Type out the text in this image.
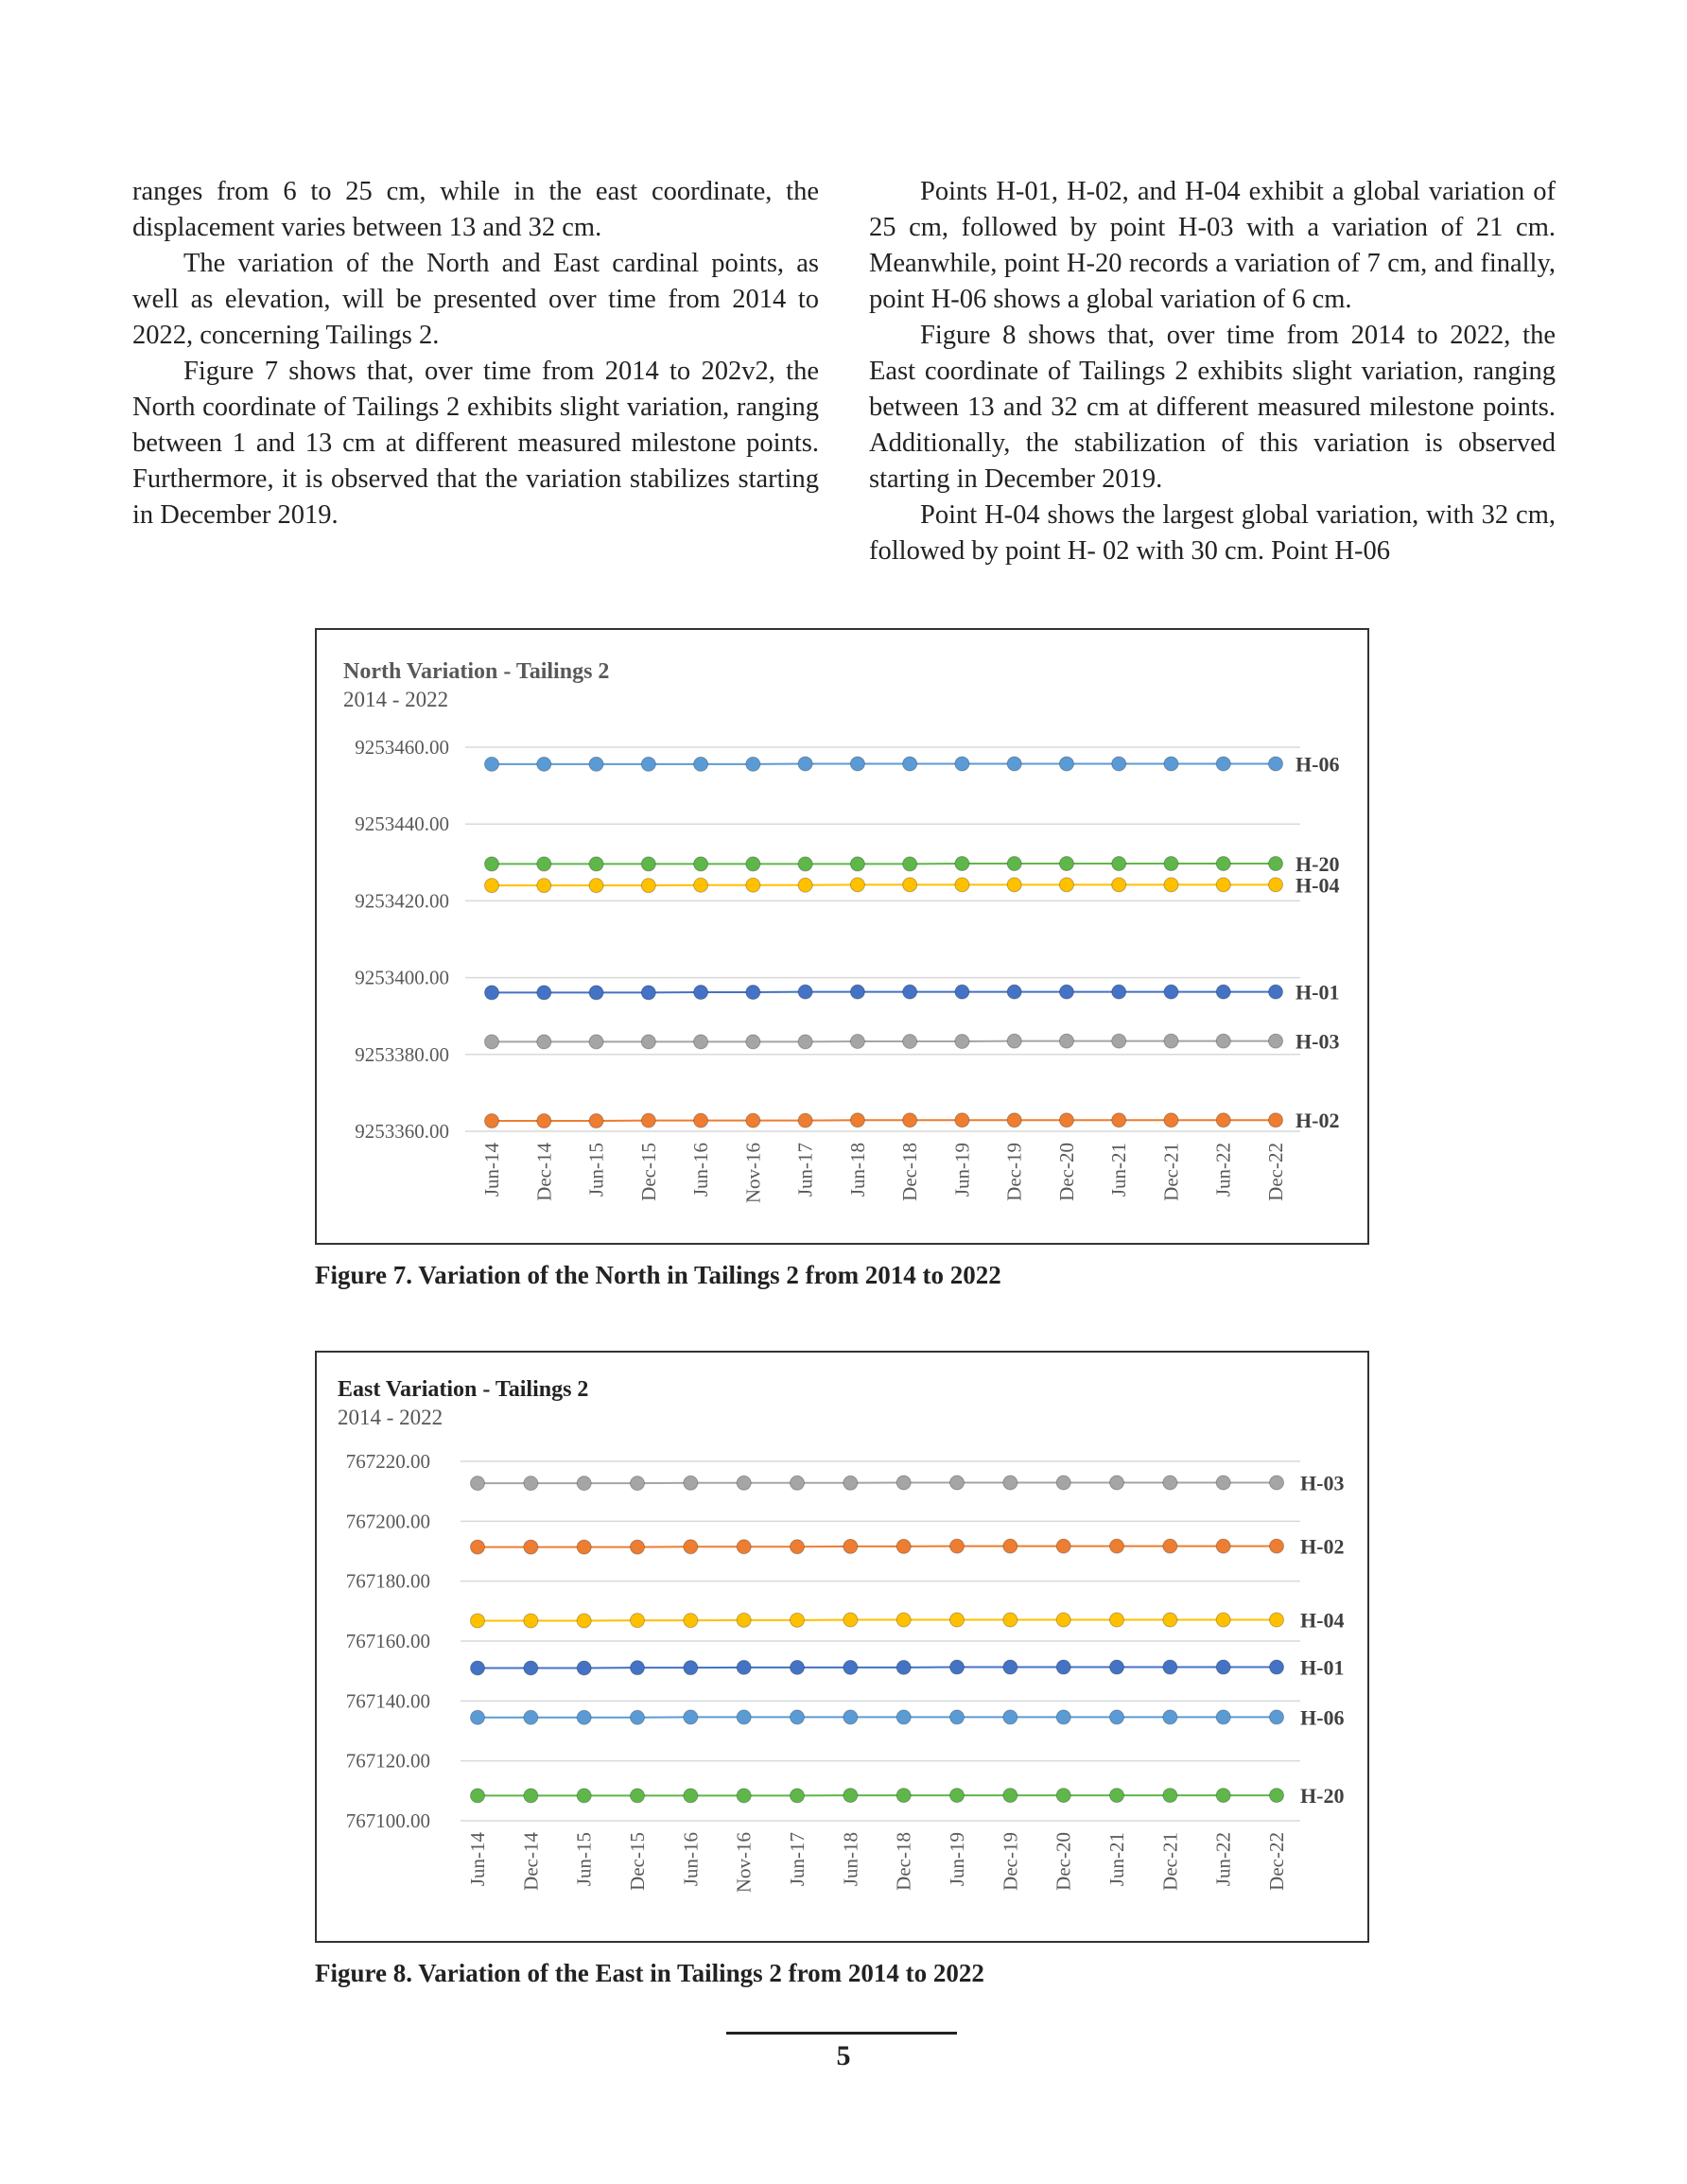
ranges from 6 to 25 cm, while in the east coordinate, the displacement varies between 13 and 32 cm.

The variation of the North and East cardinal points, as well as elevation, will be presented over time from 2014 to 2022, concerning Tailings 2.

Figure 7 shows that, over time from 2014 to 202v2, the North coordinate of Tailings 2 exhibits slight variation, ranging between 1 and 13 cm at different measured milestone points. Furthermore, it is observed that the variation stabilizes starting in December 2019.

Points H-01, H-02, and H-04 exhibit a global variation of 25 cm, followed by point H-03 with a variation of 21 cm. Meanwhile, point H-20 records a variation of 7 cm, and finally, point H-06 shows a global variation of 6 cm.

Figure 8 shows that, over time from 2014 to 2022, the East coordinate of Tailings 2 exhibits slight variation, ranging between 13 and 32 cm at different measured milestone points. Additionally, the stabilization of this variation is observed starting in December 2019.

Point H-04 shows the largest global variation, with 32 cm, followed by point H- 02 with 30 cm. Point H-06

North Variation - Tailings 2
2014 - 2022
9253460.00
9253440.00
9253420.00
9253400.00
9253380.00
9253360.00
Jun-14 Dec-14 Jun-15 Dec-15 Jun-16 Nov-16 Jun-17 Jun-18 Dec-18 Jun-19 Dec-19 Dec-20 Jun-21 Dec-21 Jun-22 Dec-22
H-06
H-20
H-04
H-01
H-03
H-02
Figure 7. Variation of the North in Tailings 2 from 2014 to 2022
East Variation - Tailings 2
2014 - 2022
767220.00
767200.00
767180.00
767160.00
767140.00
767120.00
767100.00
Jun-14 Dec-14 Jun-15 Dec-15 Jun-16 Nov-16 Jun-17 Jun-18 Dec-18 Jun-19 Dec-19 Dec-20 Jun-21 Dec-21 Jun-22 Dec-22
H-03
H-02
H-04
H-01
H-06
H-20
Figure 8. Variation of the East in Tailings 2 from 2014 to 2022
5
